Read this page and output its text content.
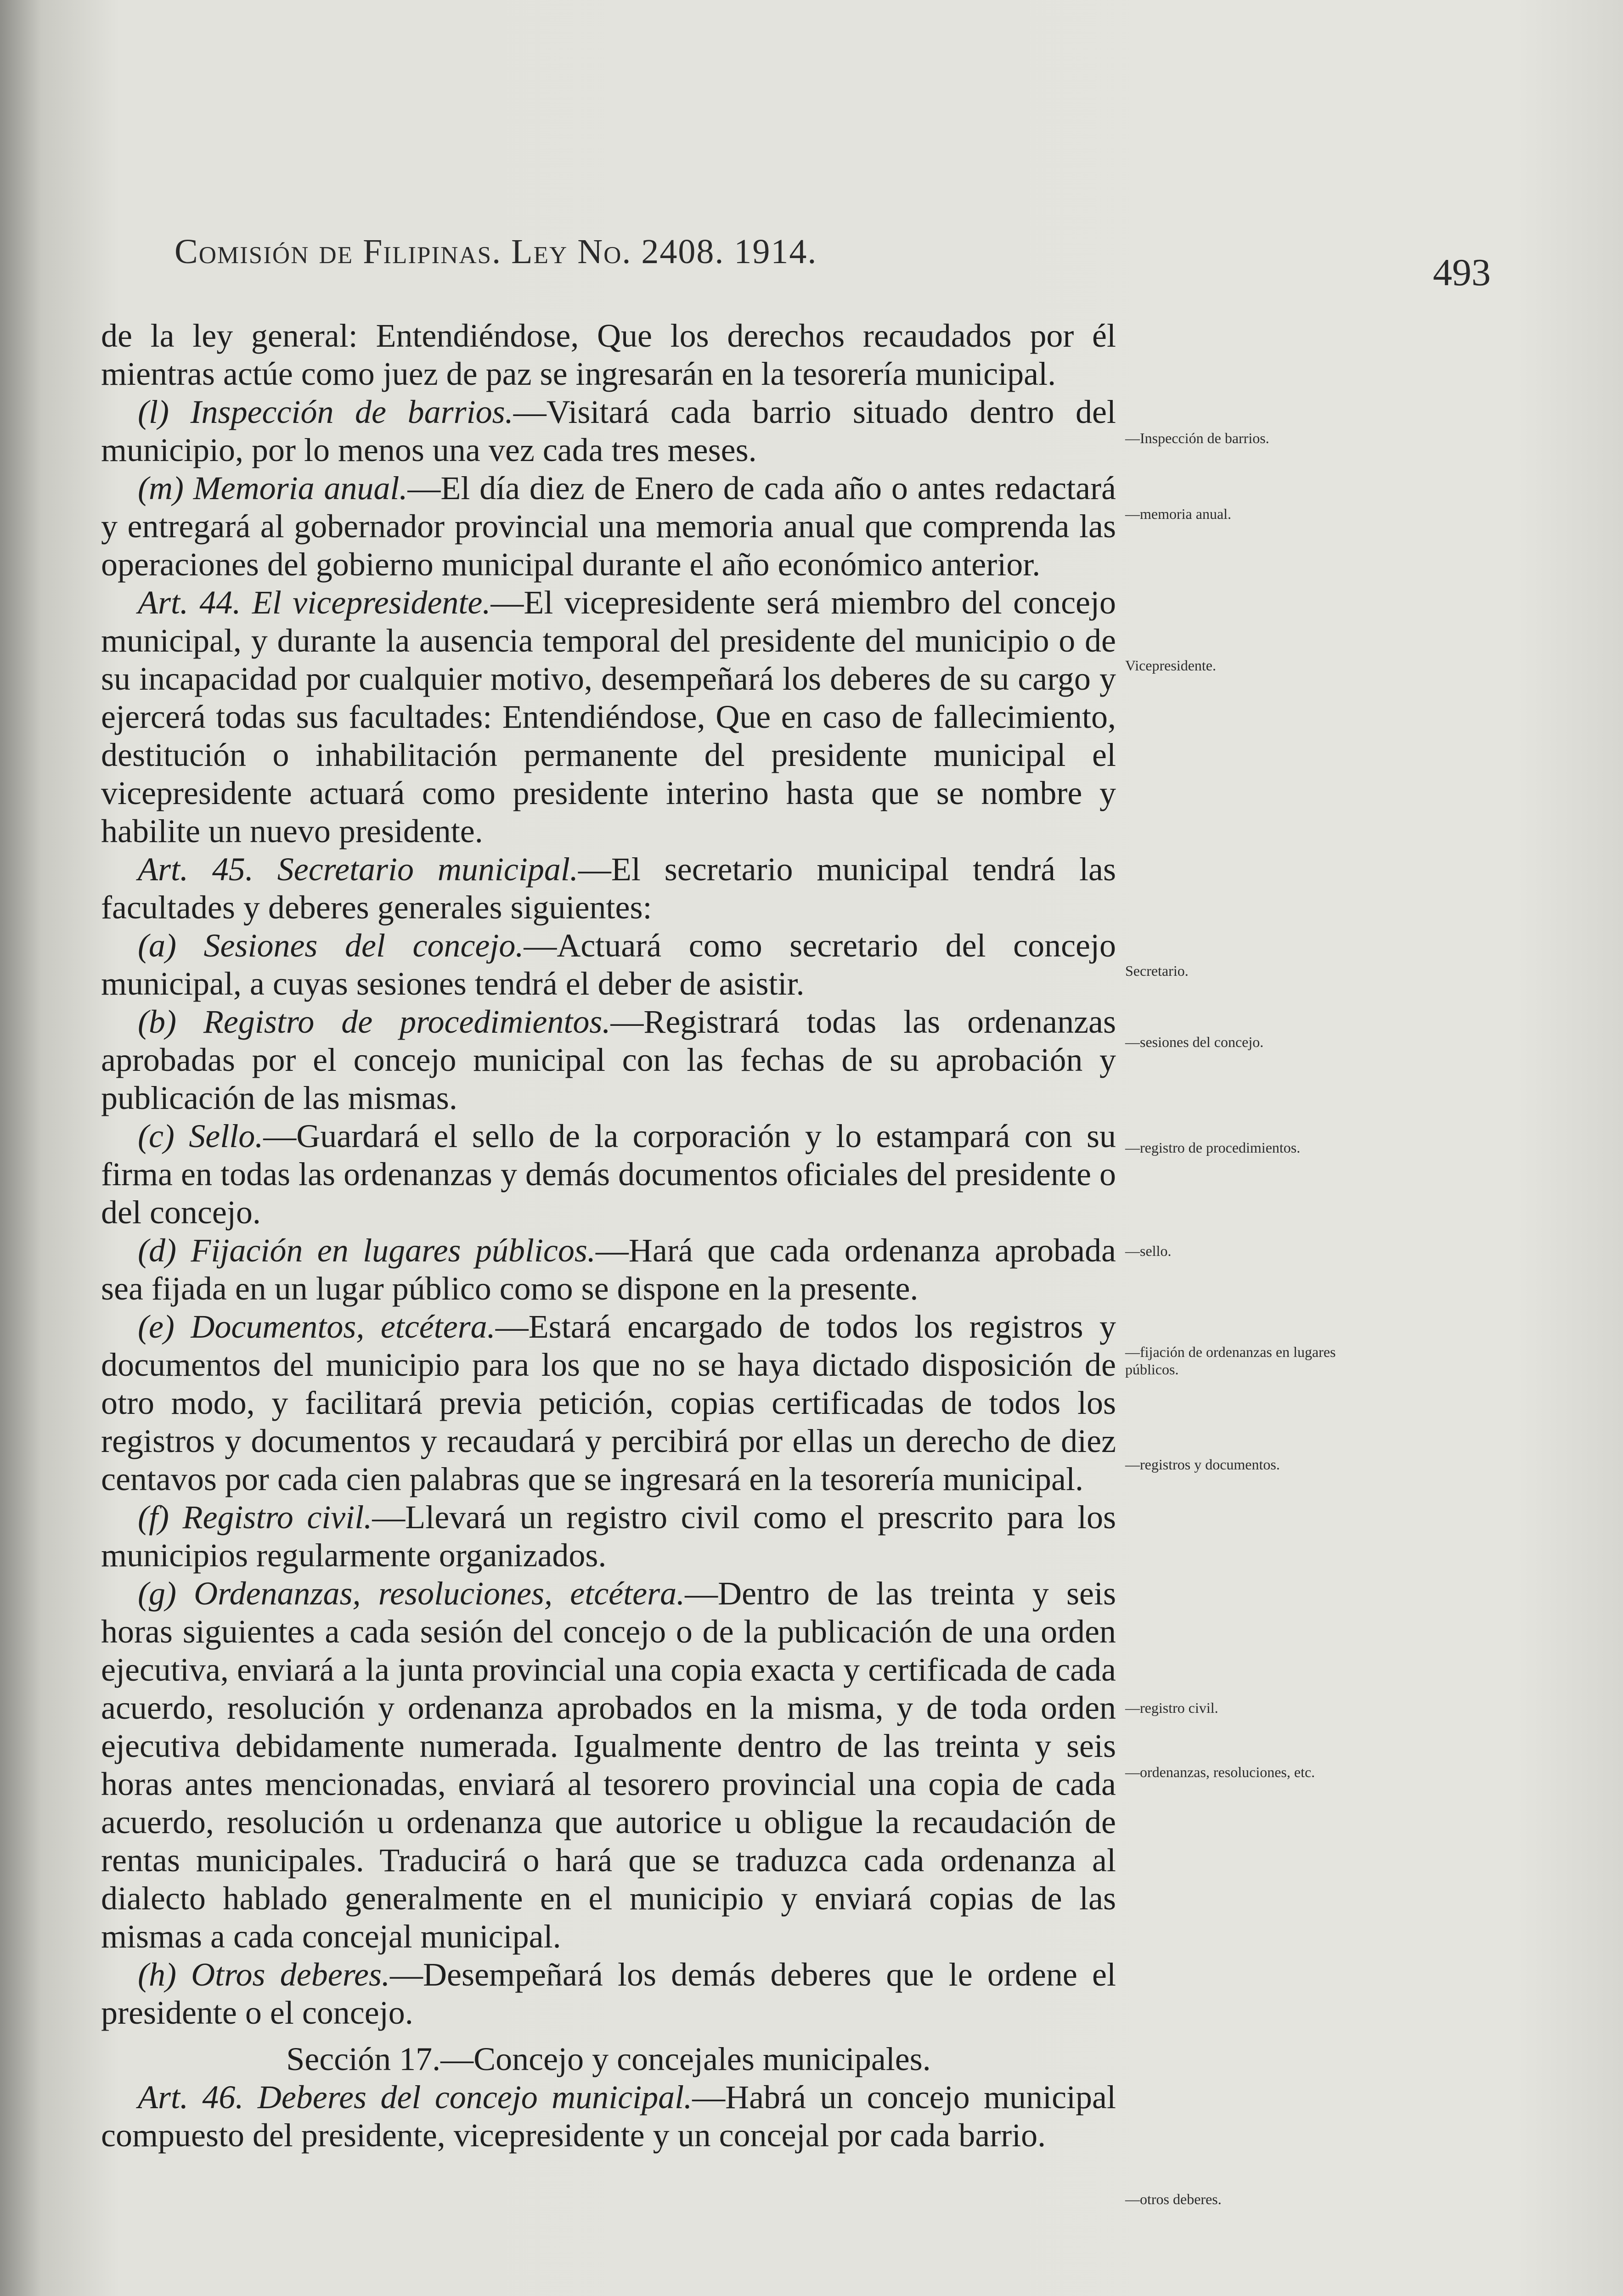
Comisión de Filipinas. Ley No. 2408. 1914.	493

de la ley general: Entendiéndose, Que los derechos recaudados por él mientras actúe como juez de paz se ingresarán en la tesorería municipal.

(l) Inspección de barrios.—Visitará cada barrio situado dentro del municipio, por lo menos una vez cada tres meses.

(m) Memoria anual.—El día diez de Enero de cada año o antes redactará y entregará al gobernador provincial una memoria anual que comprenda las operaciones del gobierno municipal durante el año económico anterior.

Art. 44. El vicepresidente.—El vicepresidente será miembro del concejo municipal, y durante la ausencia temporal del presidente del municipio o de su incapacidad por cualquier motivo, desempeñará los deberes de su cargo y ejercerá todas sus facultades: Entendiéndose, Que en caso de fallecimiento, destitución o inhabilitación permanente del presidente municipal el vicepresidente actuará como presidente interino hasta que se nombre y habilite un nuevo presidente.

Art. 45. Secretario municipal.—El secretario municipal tendrá las facultades y deberes generales siguientes:

(a) Sesiones del concejo.—Actuará como secretario del concejo municipal, a cuyas sesiones tendrá el deber de asistir.

(b) Registro de procedimientos.—Registrará todas las ordenanzas aprobadas por el concejo municipal con las fechas de su aprobación y publicación de las mismas.

(c) Sello.—Guardará el sello de la corporación y lo estampará con su firma en todas las ordenanzas y demás documentos oficiales del presidente o del concejo.

(d) Fijación en lugares públicos.—Hará que cada ordenanza aprobada sea fijada en un lugar público como se dispone en la presente.

(e) Documentos, etcétera.—Estará encargado de todos los registros y documentos del municipio para los que no se haya dictado disposición de otro modo, y facilitará previa petición, copias certificadas de todos los registros y documentos y recaudará y percibirá por ellas un derecho de diez centavos por cada cien palabras que se ingresará en la tesorería municipal.

(f) Registro civil.—Llevará un registro civil como el prescrito para los municipios regularmente organizados.

(g) Ordenanzas, resoluciones, etcétera.—Dentro de las treinta y seis horas siguientes a cada sesión del concejo o de la publicación de una orden ejecutiva, enviará a la junta provincial una copia exacta y certificada de cada acuerdo, resolución y ordenanza aprobados en la misma, y de toda orden ejecutiva debidamente numerada. Igualmente dentro de las treinta y seis horas antes mencionadas, enviará al tesorero provincial una copia de cada acuerdo, resolución u ordenanza que autorice u obligue la recaudación de rentas municipales. Traducirá o hará que se traduzca cada ordenanza al dialecto hablado generalmente en el municipio y enviará copias de las mismas a cada concejal municipal.

(h) Otros deberes.—Desempeñará los demás deberes que le ordene el presidente o el concejo.

Sección 17.—Concejo y concejales municipales.

Art. 46. Deberes del concejo municipal.—Habrá un concejo municipal compuesto del presidente, vicepresidente y un concejal por cada barrio.

— Inspección de barrios.
— memoria anual.
Vicepresidente.
Secretario.
— sesiones del concejo.
— registro de procedimientos.
— sello.
— fijación de ordenanzas en lugares públicos.
— registros y documentos.
— registro civil.
— ordenanzas, resoluciones, etc.
— otros deberes.
